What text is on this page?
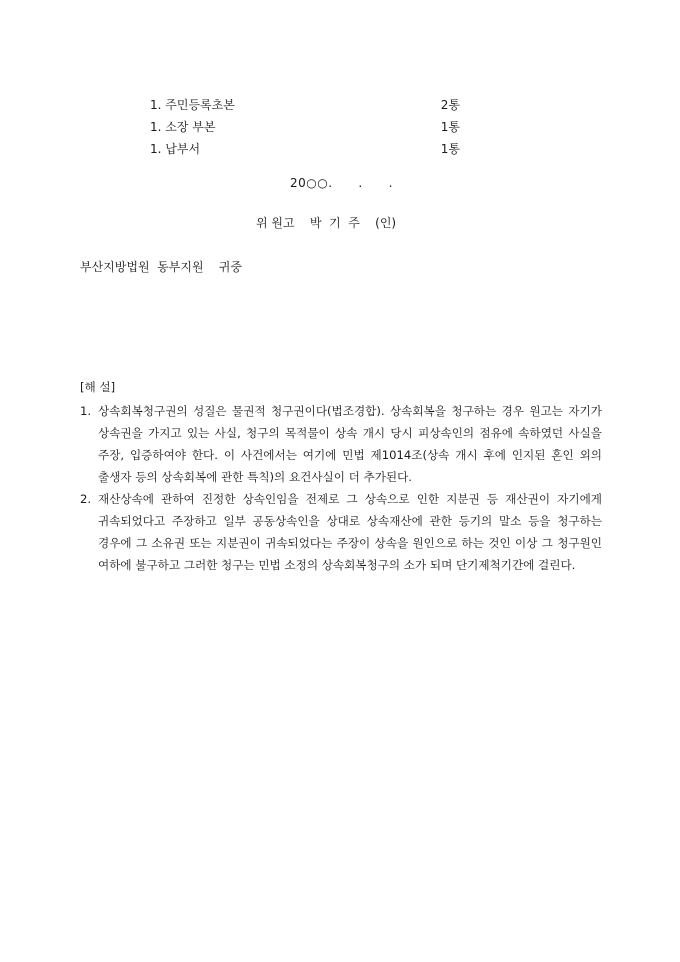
1. 주민등록초본	2통
1. 소장 부본	1통
1. 납부서	1통
20○○.      .      .
위 원고    박  기  주    (인)
부산지방법원  동부지원    귀중
[해 설]
1. 상속회복청구권의 성질은 물권적 청구권이다(법조경합). 상속회복을 청구하는 경우 원고는 자기가 상속권을 가지고 있는 사실, 청구의 목적물이 상속 개시 당시 피상속인의 점유에 속하였던 사실을 주장, 입증하여야 한다. 이 사건에서는 여기에 민법 제1014조(상속 개시 후에 인지된 혼인 외의 출생자 등의 상속회복에 관한 특칙)의 요건사실이 더 추가된다.
2. 재산상속에 관하여 진정한 상속인임을 전제로 그 상속으로 인한 지분권 등 재산권이 자기에게 귀속되었다고 주장하고 일부 공동상속인을 상대로 상속재산에 관한 등기의 말소 등을 청구하는 경우에 그 소유권 또는 지분권이 귀속되었다는 주장이 상속을 원인으로 하는 것인 이상 그 청구원인 여하에 불구하고 그러한 청구는 민법 소정의 상속회복청구의 소가 되며 단기제척기간에 걸린다.
